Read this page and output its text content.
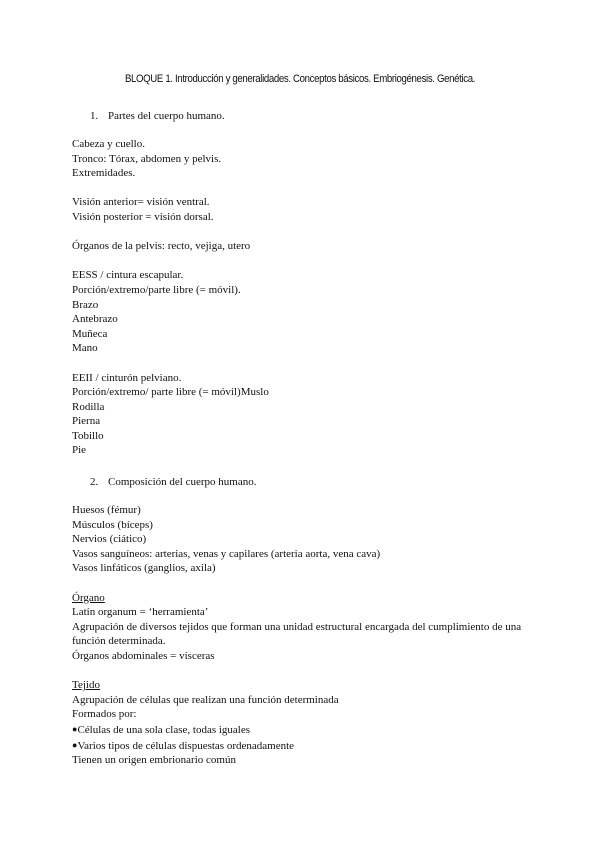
BLOQUE 1. Introducción y generalidades. Conceptos básicos. Embriogénesis. Genética.
1. Partes del cuerpo humano.
Cabeza y cuello.
Tronco: Tórax, abdomen y pelvis.
Extremidades.
Visión anterior= visión ventral.
Visión posterior = visión dorsal.
Órganos de la pelvis: recto, vejiga, utero
EESS / cintura escapular.
Porción/extremo/parte libre (= móvil).
Brazo
Antebrazo
Muñeca
Mano
EEII / cinturón pelviano.
Porción/extremo/ parte libre (= móvil)Muslo
Rodilla
Pierna
Tobillo
Pie
2. Composición del cuerpo humano.
Huesos (fémur)
Músculos (bíceps)
Nervios (ciático)
Vasos sanguíneos: arterias, venas y capilares (arteria aorta, vena cava)
Vasos linfáticos (ganglios, axila)
Órgano
Latín organum = ‘herramienta’
Agrupación de diversos tejidos que forman una unidad estructural encargada del cumplimiento de una función determinada.
Órganos abdominales = vísceras
Tejido
Agrupación de células que realizan una función determinada
Formados por:
●Células de una sola clase, todas iguales
●Varios tipos de células dispuestas ordenadamente
Tienen un origen embrionario común
